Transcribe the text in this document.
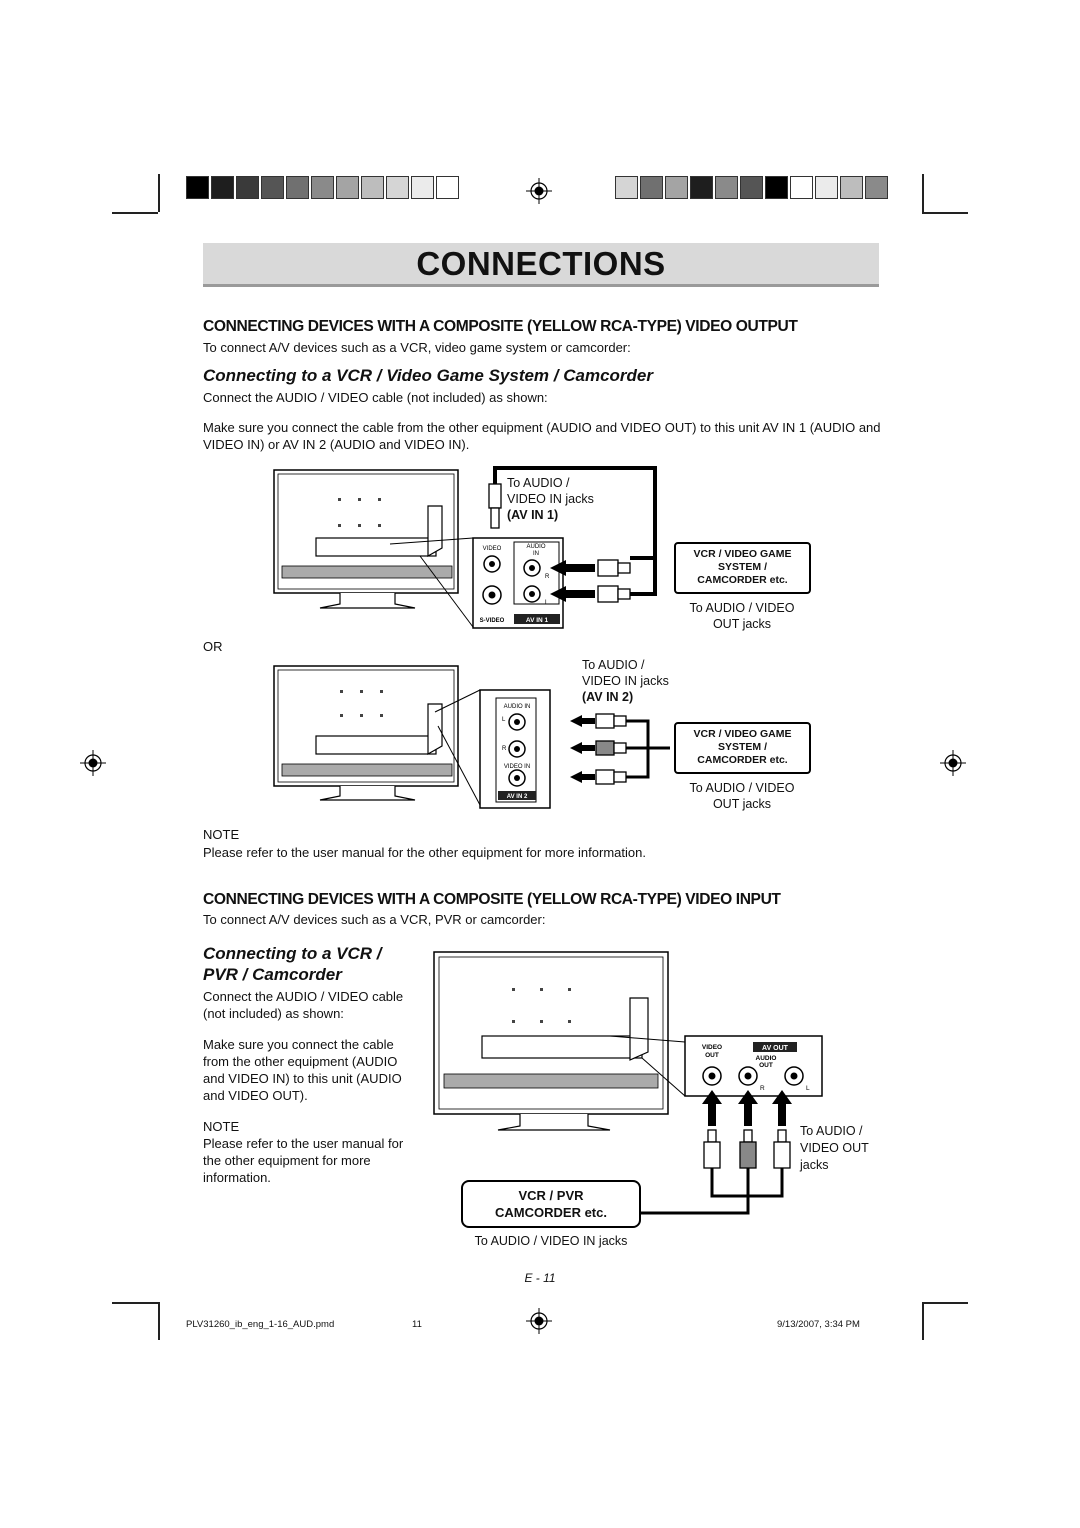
CONNECTIONS
CONNECTING DEVICES WITH A COMPOSITE (YELLOW RCA-TYPE) VIDEO OUTPUT
To connect A/V devices such as a VCR, video game system or camcorder:
Connecting to a VCR / Video Game System / Camcorder
Connect the AUDIO / VIDEO cable (not included) as shown:
Make sure you connect the cable from the other equipment (AUDIO and VIDEO OUT) to this unit AV IN 1 (AUDIO and VIDEO IN) or AV IN 2 (AUDIO and VIDEO IN).
VIDEO	AUDIO
IN
R
L
S-VIDEO	AV IN 1
To AUDIO /
VIDEO IN jacks
(AV IN 1)
VCR / VIDEO GAME
SYSTEM /
CAMCORDER etc.
To AUDIO / VIDEO
OUT jacks
OR
AUDIO IN
L
R
VIDEO IN
AV IN 2
To AUDIO /
VIDEO IN jacks
(AV IN 2)
VCR / VIDEO GAME
SYSTEM /
CAMCORDER etc.
To AUDIO / VIDEO
OUT jacks
NOTE
Please refer to the user manual for the other equipment for more information.
CONNECTING DEVICES WITH A COMPOSITE (YELLOW RCA-TYPE) VIDEO INPUT
To connect A/V devices such as a VCR, PVR or camcorder:
Connecting to a VCR /
PVR / Camcorder
Connect the AUDIO / VIDEO cable (not included) as shown:
Make sure you connect the cable from the other equipment (AUDIO and VIDEO IN) to this unit (AUDIO and VIDEO OUT).
NOTE
Please refer to the user manual for the other equipment for more information.
VIDEO
OUT
AV OUT
AUDIO
OUT
R	L
To AUDIO /
VIDEO OUT
jacks
VCR / PVR
CAMCORDER etc.
To AUDIO / VIDEO IN jacks
E - 11
PLV31260_ib_eng_1-16_AUD.pmd	11	9/13/2007, 3:34 PM
